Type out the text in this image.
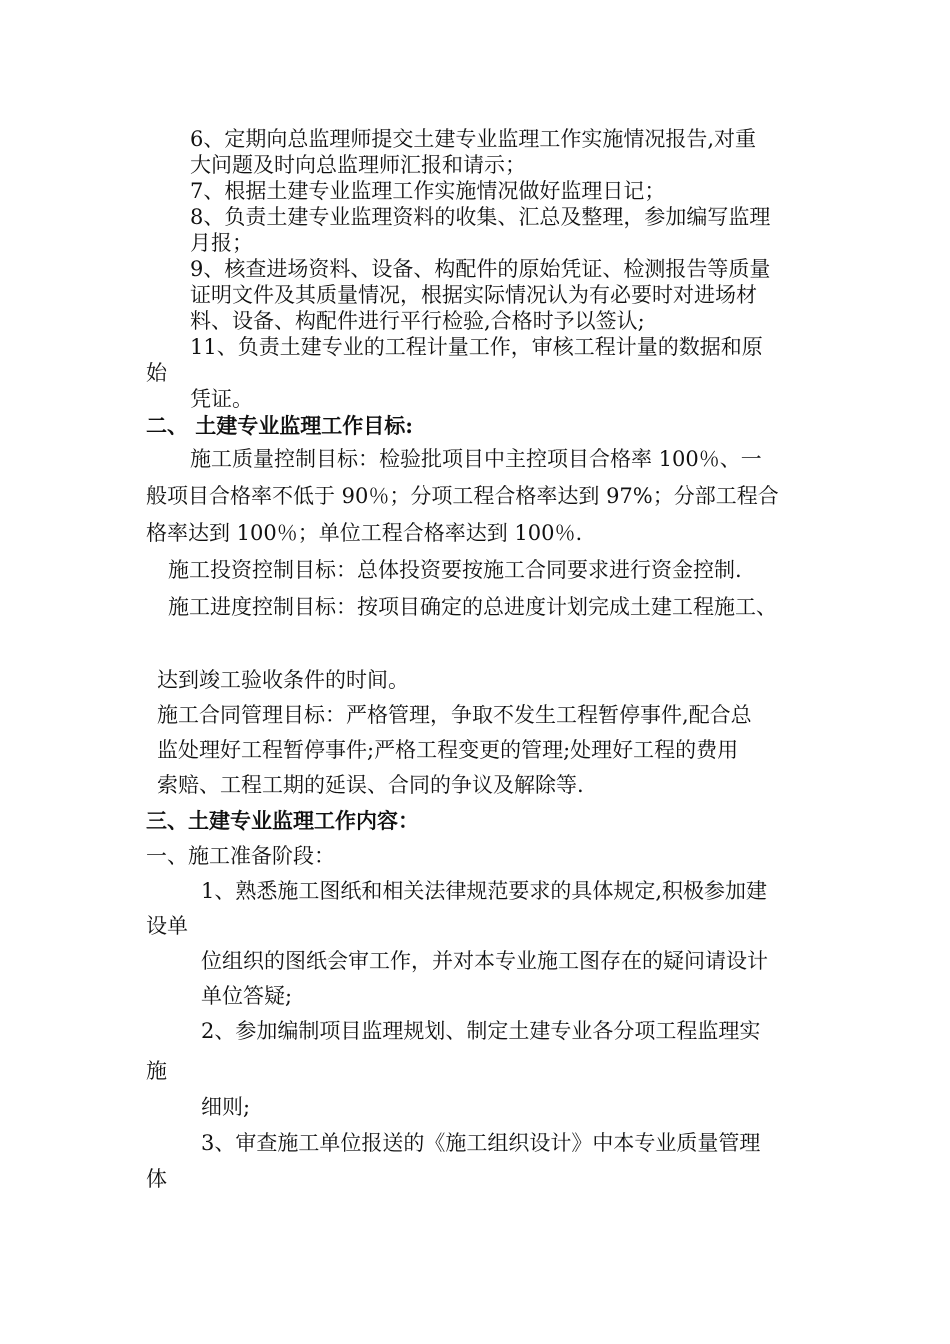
6、定期向总监理师提交土建专业监理工作实施情况报告,对重
大问题及时向总监理师汇报和请示；
7、根据土建专业监理工作实施情况做好监理日记；
8、负责土建专业监理资料的收集、汇总及整理，参加编写监理
月报；
9、核查进场资料、设备、构配件的原始凭证、检测报告等质量
证明文件及其质量情况，根据实际情况认为有必要时对进场材
料、设备、构配件进行平行检验,合格时予以签认;
11、负责土建专业的工程计量工作，审核工程计量的数据和原
始
凭证。
二、 土建专业监理工作目标:
施工质量控制目标：检验批项目中主控项目合格率 100％、一
般项目合格率不低于 90％；分项工程合格率达到 97%；分部工程合
格率达到 100％；单位工程合格率达到 100％.
施工投资控制目标：总体投资要按施工合同要求进行资金控制.
施工进度控制目标：按项目确定的总进度计划完成土建工程施工、
达到竣工验收条件的时间。
施工合同管理目标：严格管理，争取不发生工程暂停事件,配合总
监处理好工程暂停事件;严格工程变更的管理;处理好工程的费用
索赔、工程工期的延误、合同的争议及解除等.
三、土建专业监理工作内容：
一、施工准备阶段：
1、熟悉施工图纸和相关法律规范要求的具体规定,积极参加建
设单
位组织的图纸会审工作，并对本专业施工图存在的疑问请设计
单位答疑;
2、参加编制项目监理规划、制定土建专业各分项工程监理实
施
细则;
3、审查施工单位报送的《施工组织设计》中本专业质量管理
体
